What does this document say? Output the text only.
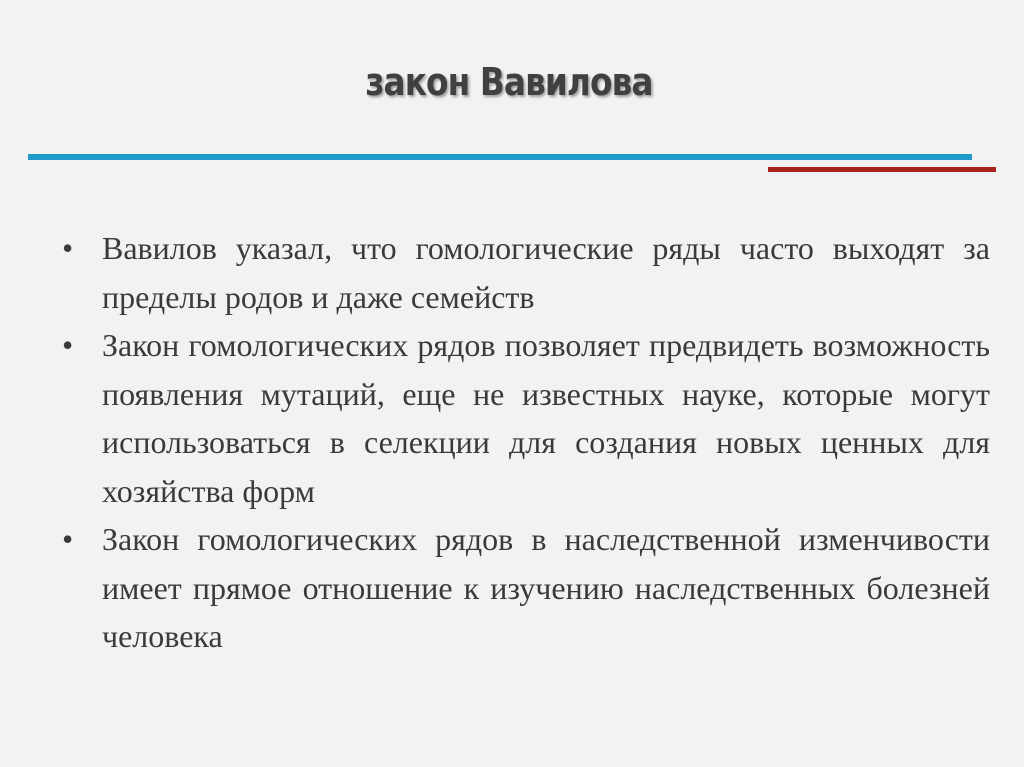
закон Вавилова
• Вавилов указал, что гомологические ряды часто выходят за пределы родов и даже семейств
• Закон гомологических рядов позволяет предвидеть возможность появления мутаций, еще не известных науке, которые могут использоваться в селекции для создания новых ценных для хозяйства форм
• Закон гомологических рядов в наследственной изменчивости имеет прямое отношение к изучению наследственных болезней человека
